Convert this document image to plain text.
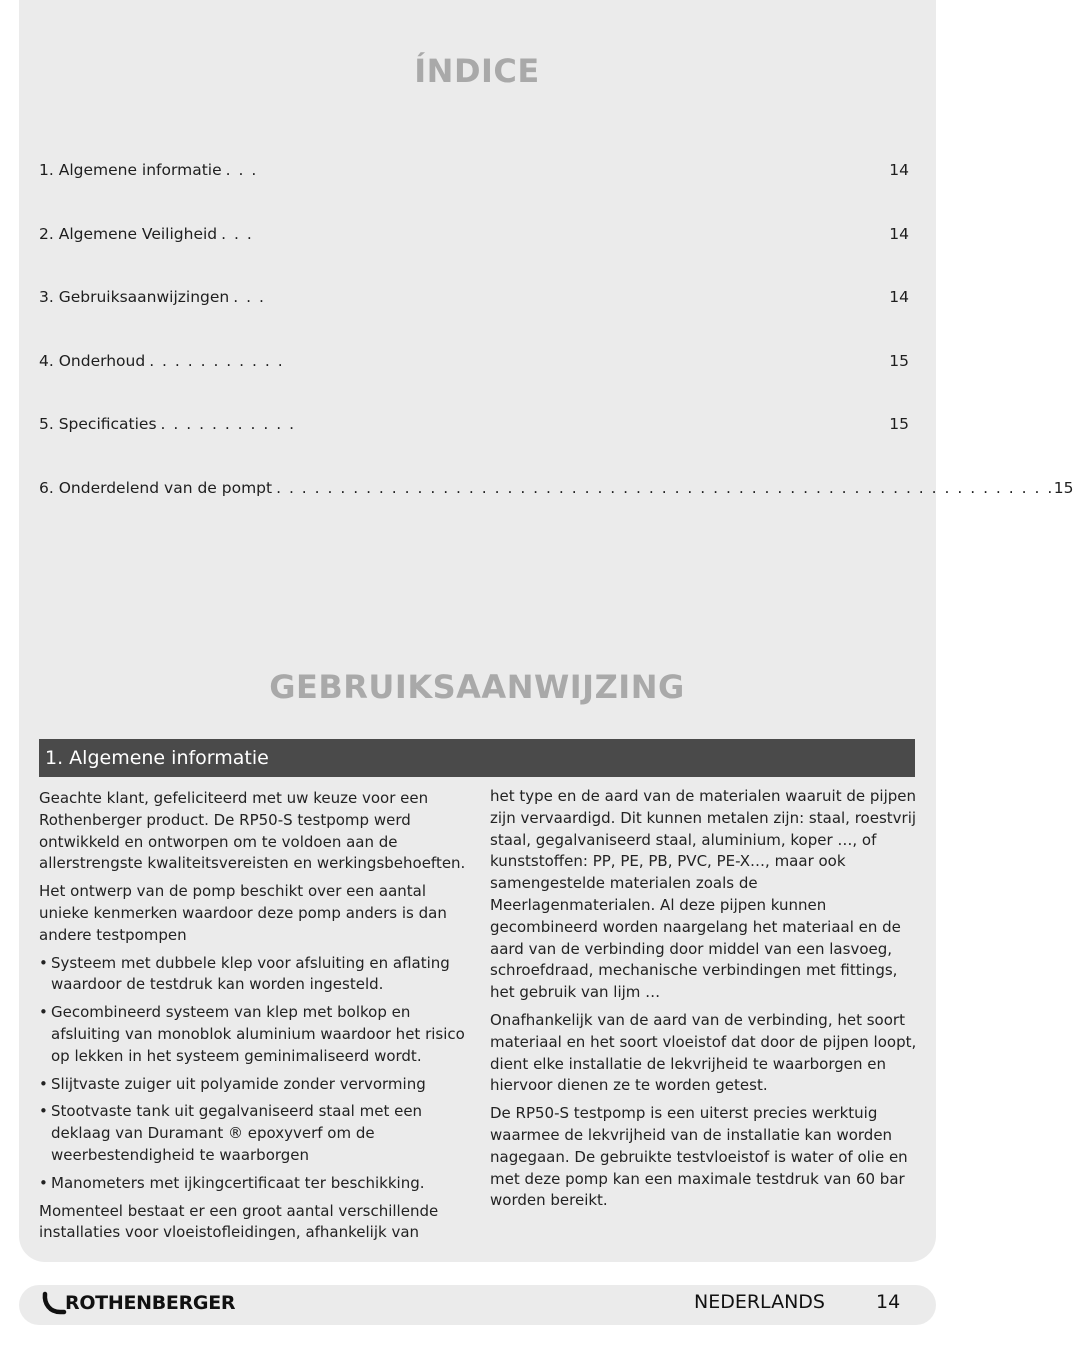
ÍNDICE
1. Algemene informatie . . .	14
2. Algemene Veiligheid . . .	14
3. Gebruiksaanwijzingen . . .	14
4. Onderhoud . . . . . . . . . . .	15
5. Specificaties . . . . . . . . . . .	15
6. Onderdelend van de pompt . . . . . . . . . . . . . . . . . . . . . . . . . . . . . . . . . . . . . . . . . . . . . . . . . . . . . . . . . . . . . 15
GEBRUIKSAANWIJZING
1. Algemene informatie

Geachte klant, gefeliciteerd met uw keuze voor een Rothenberger product. De RP50-S testpomp werd ontwikkeld en ontworpen om te voldoen aan de allerstrengste kwaliteitsvereisten en werkingsbehoeften.

Het ontwerp van de pomp beschikt over een aantal unieke kenmerken waardoor deze pomp anders is dan andere testpompen

• Systeem met dubbele klep voor afsluiting en aflating waardoor de testdruk kan worden ingesteld.
• Gecombineerd systeem van klep met bolkop en afsluiting van monoblok aluminium waardoor het risico op lekken in het systeem geminimaliseerd wordt.
• Slijtvaste zuiger uit polyamide zonder vervorming
• Stootvaste tank uit gegalvaniseerd staal met een deklaag van Duramant ® epoxyverf om de weerbestendigheid te waarborgen
• Manometers met ijkingcertificaat ter beschikking.

Momenteel bestaat er een groot aantal verschillende installaties voor vloeistofleidingen, afhankelijk van

het type en de aard van de materialen waaruit de pijpen zijn vervaardigd. Dit kunnen metalen zijn: staal, roestvrij staal, gegalvaniseerd staal, aluminium, koper …, of kunststoffen: PP, PE, PB, PVC, PE-X…, maar ook samengestelde materialen zoals de Meerlagenmaterialen. Al deze pijpen kunnen gecombineerd worden naargelang het materiaal en de aard van de verbinding door middel van een lasvoeg, schroefdraad, mechanische verbindingen met fittings, het gebruik van lijm …

Onafhankelijk van de aard van de verbinding, het soort materiaal en het soort vloeistof dat door de pijpen loopt, dient elke installatie de lekvrijheid te waarborgen en hiervoor dienen ze te worden getest.

De RP50-S testpomp is een uiterst precies werktuig waarmee de lekvrijheid van de installatie kan worden nagegaan. De gebruikte testvloeistof is water of olie en met deze pomp kan een maximale testdruk van 60 bar worden bereikt.

ROTHENBERGER	NEDERLANDS	14
